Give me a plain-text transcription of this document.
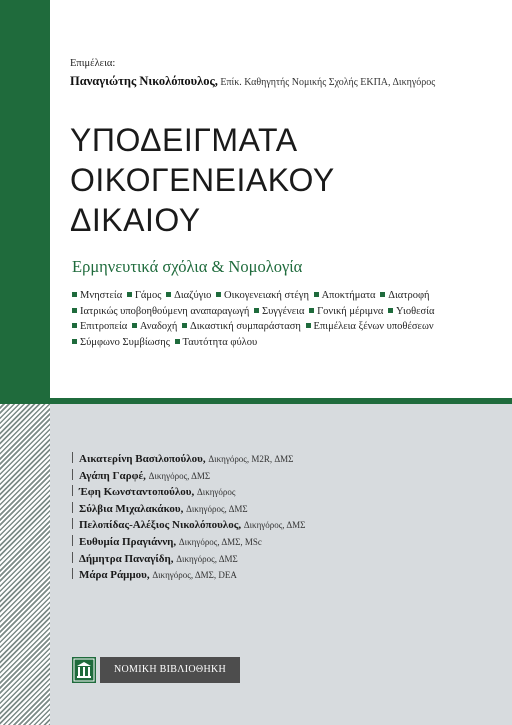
Επιμέλεια:
Παναγιώτης Νικολόπουλος, Επίκ. Καθηγητής Νομικής Σχολής ΕΚΠΑ, Δικηγόρος
ΥΠΟΔΕΙΓΜΑΤΑ
ΟΙΚΟΓΕΝΕΙΑΚΟΥ
ΔΙΚΑΙΟΥ
Ερμηνευτικά σχόλια & Νομολογία
Μνηστεία Γάμος Διαζύγιο Οικογενειακή στέγη Αποκτήματα Διατροφή
Ιατρικώς υποβοηθούμενη αναπαραγωγή Συγγένεια Γονική μέριμνα Υιοθεσία
Επιτροπεία Αναδοχή Δικαστική συμπαράσταση Επιμέλεια ξένων υποθέσεων
Σύμφωνο Συμβίωσης Ταυτότητα φύλου
Αικατερίνη Βασιλοπούλου, Δικηγόρος, M2R, ΔΜΣ
Αγάπη Γαρφέ, Δικηγόρος, ΔΜΣ
Έφη Κωνσταντοπούλου, Δικηγόρος
Σύλβια Μιχαλακάκου, Δικηγόρος, ΔΜΣ
Πελοπίδας-Αλέξιος Νικολόπουλος, Δικηγόρος, ΔΜΣ
Ευθυμία Πραγιάννη, Δικηγόρος, ΔΜΣ, MSc
Δήμητρα Παναγίδη, Δικηγόρος, ΔΜΣ
Μάρα Ράμμου, Δικηγόρος, ΔΜΣ, DEA
ΝΟΜΙΚΗ ΒΙΒΛΙΟΘΗΚΗ
